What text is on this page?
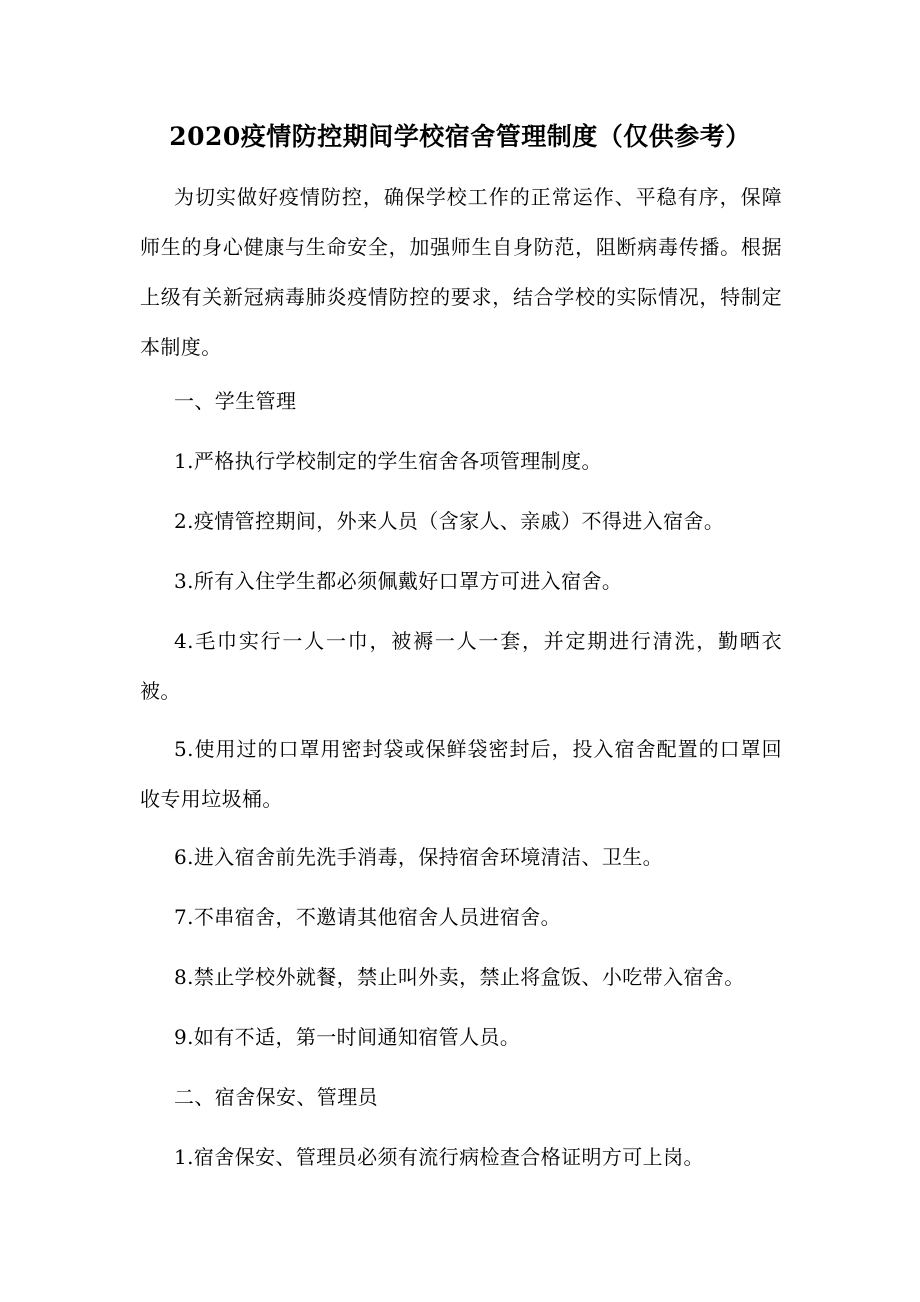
2020疫情防控期间学校宿舍管理制度（仅供参考）
为切实做好疫情防控，确保学校工作的正常运作、平稳有序，保障师生的身心健康与生命安全，加强师生自身防范，阻断病毒传播。根据上级有关新冠病毒肺炎疫情防控的要求，结合学校的实际情况，特制定本制度。
一、学生管理
1.严格执行学校制定的学生宿舍各项管理制度。
2.疫情管控期间，外来人员（含家人、亲戚）不得进入宿舍。
3.所有入住学生都必须佩戴好口罩方可进入宿舍。
4.毛巾实行一人一巾，被褥一人一套，并定期进行清洗，勤晒衣被。
5.使用过的口罩用密封袋或保鲜袋密封后，投入宿舍配置的口罩回收专用垃圾桶。
6.进入宿舍前先洗手消毒，保持宿舍环境清洁、卫生。
7.不串宿舍，不邀请其他宿舍人员进宿舍。
8.禁止学校外就餐，禁止叫外卖，禁止将盒饭、小吃带入宿舍。
9.如有不适，第一时间通知宿管人员。
二、宿舍保安、管理员
1.宿舍保安、管理员必须有流行病检查合格证明方可上岗。
